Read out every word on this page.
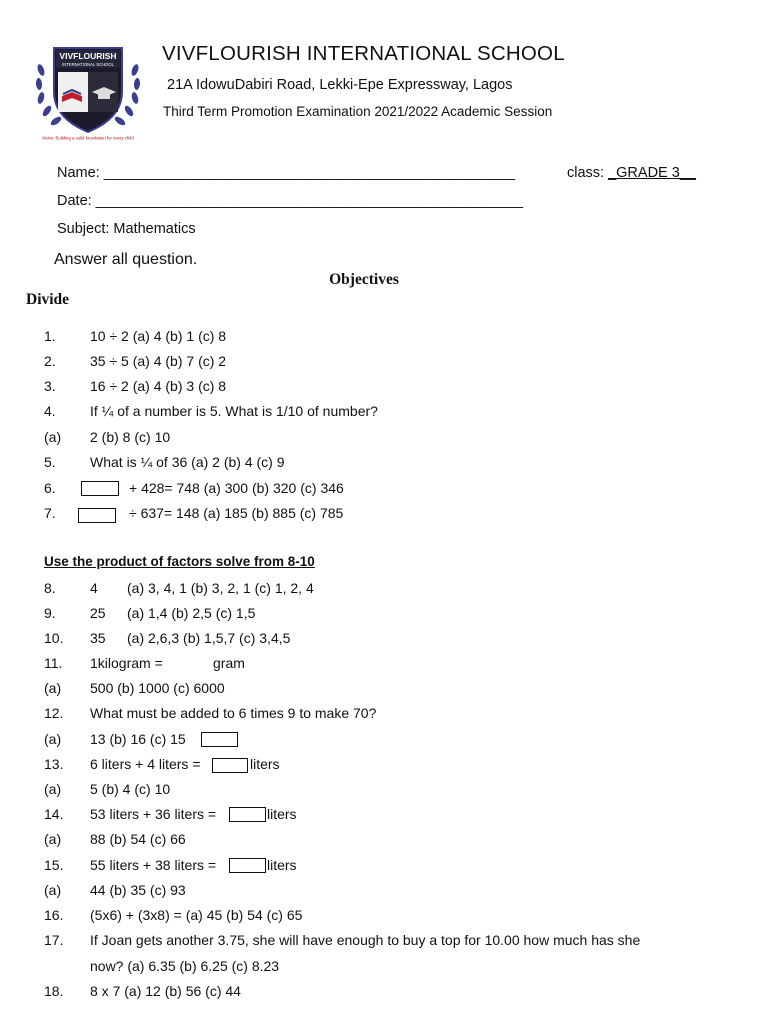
VIVFLOURISH
INTERNATIONAL SCHOOL
Motto: Building a solid foundation for every child
VIVFLOURISH INTERNATIONAL SCHOOL
21A IdowuDabiri Road, Lekki-Epe Expressway, Lagos
Third Term Promotion Examination 2021/2022 Academic Session
Name: ___________________________________________________	class: _GRADE 3__
Date: _____________________________________________________
Subject: Mathematics
Answer all question.
Objectives
Divide
1. 10 ÷ 2 (a) 4 (b) 1 (c) 8
2. 35 ÷ 5 (a) 4 (b) 7 (c) 2
3. 16 ÷ 2 (a) 4 (b) 3 (c) 8
4. If ¼ of a number is 5. What is 1/10 of number?
(a) 2 (b) 8 (c) 10
5. What is ¼ of 36 (a) 2 (b) 4 (c) 9
6.	+ 428= 748 (a) 300 (b) 320 (c) 346
7.	÷ 637= 148 (a) 185 (b) 885 (c) 785
Use the product of factors solve from 8-10
8. 4 (a) 3, 4, 1 (b) 3, 2, 1 (c) 1, 2, 4
9. 25 (a) 1,4 (b) 2,5 (c) 1,5
10. 35 (a) 2,6,3 (b) 1,5,7 (c) 3,4,5
11. 1kilogram =	gram
(a) 500 (b) 1000 (c) 6000
12. What must be added to 6 times 9 to make 70?
(a) 13 (b) 16 (c) 15
13. 6 liters + 4 liters =	liters
(a) 5 (b) 4 (c) 10
14. 53 liters + 36 liters =	liters
(a) 88 (b) 54 (c) 66
15. 55 liters + 38 liters =	liters
(a) 44 (b) 35 (c) 93
16. (5x6) + (3x8) = (a) 45 (b) 54 (c) 65
17. If Joan gets another 3.75, she will have enough to buy a top for 10.00 how much has she
now? (a) 6.35 (b) 6.25 (c) 8.23
18. 8 x 7 (a) 12 (b) 56 (c) 44
